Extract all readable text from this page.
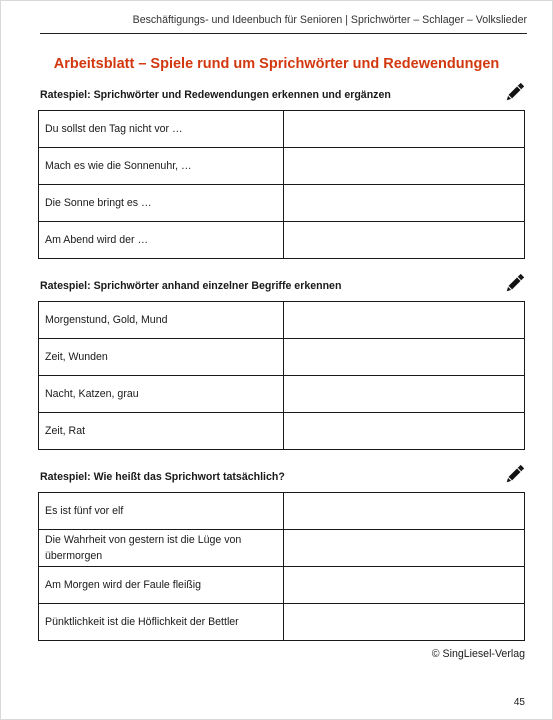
Beschäftigungs- und Ideenbuch für Senioren | Sprichwörter – Schlager – Volkslieder
Arbeitsblatt – Spiele rund um Sprichwörter und Redewendungen
Ratespiel: Sprichwörter und Redewendungen erkennen und ergänzen
Du sollst den Tag nicht vor …	
Mach es wie die Sonnenuhr, …	
Die Sonne bringt es …	
Am Abend wird der …	
Ratespiel: Sprichwörter anhand einzelner Begriffe erkennen
Morgenstund, Gold, Mund	
Zeit, Wunden	
Nacht, Katzen, grau	
Zeit, Rat	
Ratespiel: Wie heißt das Sprichwort tatsächlich?
Es ist fünf vor elf	
Die Wahrheit von gestern ist die Lüge von übermorgen	
Am Morgen wird der Faule fleißig	
Pünktlichkeit ist die Höflichkeit der Bettler	
© SingLiesel-Verlag
45
